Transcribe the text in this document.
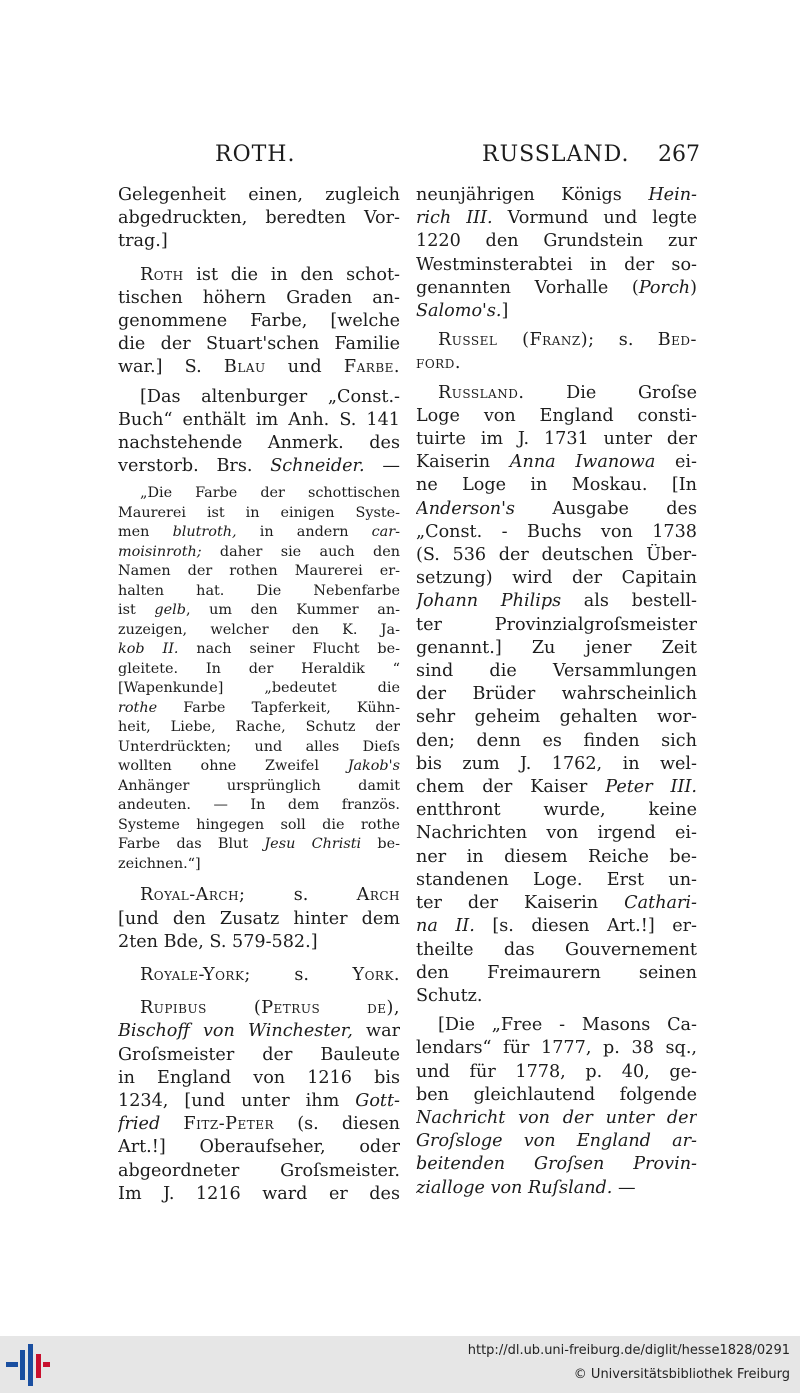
ROTH.	RUSSLAND. 267
Gelegenheit einen, zugleich
abgedruckten, beredten Vor-
trag.]
Roth ist die in den schot-
tischen höhern Graden an-
genommene Farbe, [welche
die der Stuart'schen Familie
war.] S. Blau und Farbe.
[Das altenburger „Const.-
Buch“ enthält im Anh. S. 141
nachstehende Anmerk. des
verstorb. Brs. Schneider. —
„Die Farbe der schottischen
Maurerei ist in einigen Syste-
men blutroth, in andern car-
moisinroth; daher sie auch den
Namen der rothen Maurerei er-
halten hat. Die Nebenfarbe
ist gelb, um den Kummer an-
zuzeigen, welcher den K. Ja-
kob II. nach seiner Flucht be-
gleitete. In der Heraldik “
[Wapenkunde] „bedeutet die
rothe Farbe Tapferkeit, Kühn-
heit, Liebe, Rache, Schutz der
Unterdrückten; und alles Dieſs
wollten ohne Zweifel Jakob's
Anhänger ursprünglich damit
andeuten. — In dem französ.
Systeme hingegen soll die rothe
Farbe das Blut Jesu Christi be-
zeichnen.“]
Royal-Arch; s. Arch
[und den Zusatz hinter dem
2ten Bde, S. 579-582.]
Royale-York; s. York.
Rupibus (Petrus de),
Bischoff von Winchester, war
Groſsmeister der Bauleute
in England von 1216 bis
1234, [und unter ihm Gott-
fried Fitz-Peter (s. diesen
Art.!] Oberaufseher, oder
abgeordneter Groſsmeister.
Im J. 1216 ward er des
neunjährigen Königs Hein-
rich III. Vormund und legte
1220 den Grundstein zur
Westminsterabtei in der so-
genannten Vorhalle (Porch)
Salomo's.]
Russel (Franz); s. Bed-
ford.
Russland. Die Groſse
Loge von England consti-
tuirte im J. 1731 unter der
Kaiserin Anna Iwanowa ei-
ne Loge in Moskau. [In
Anderson's Ausgabe des
„Const. - Buchs von 1738
(S. 536 der deutschen Über-
setzung) wird der Capitain
Johann Philips als bestell-
ter Provinzialgroſsmeister
genannt.] Zu jener Zeit
sind die Versammlungen
der Brüder wahrscheinlich
sehr geheim gehalten wor-
den; denn es finden sich
bis zum J. 1762, in wel-
chem der Kaiser Peter III.
entthront wurde, keine
Nachrichten von irgend ei-
ner in diesem Reiche be-
standenen Loge. Erst un-
ter der Kaiserin Cathari-
na II. [s. diesen Art.!] er-
theilte das Gouvernement
den Freimaurern seinen
Schutz.
[Die „Free - Masons Ca-
lendars“ für 1777, p. 38 sq.,
und für 1778, p. 40, ge-
ben gleichlautend folgende
Nachricht von der unter der
Groſsloge von England ar-
beitenden Groſsen Provin-
zialloge von Ruſsland. —
http://dl.ub.uni-freiburg.de/diglit/hesse1828/0291
© Universitätsbibliothek Freiburg
